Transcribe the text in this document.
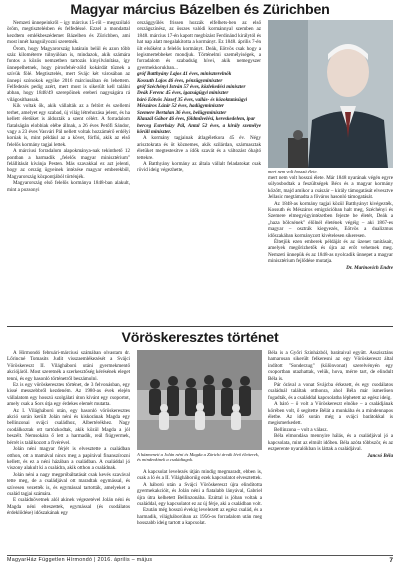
Magyar március Bázelben és Zürichben

Nemzeti ünnepeinkről – így március 15-ről – megszólaló öröm, megtisztelésben és felfedéssé. Ezzel a mondattal kezdtem emlékbeszédemet Bázelben és Zürichben, ami most innét hangsúlyozni szeretnék.

Örom, hogy Magyarország határain belül és azon több száz kilométerre túlnyúlóan is, mindazok, akik számára fontos a közös nemzetben tartozás kinyilvánítása, így ünnepelhetnek, hogy pirosfehér-zöld kokárdát tűznek a szívük fölé. Megtisztelés, mert Svájc két városában az ünnepi szónokok egyike 2016 márciusában én lehettem. Felfedezés pedig azért, mert most is sikerült kell találni abban, hogy 1848/49 szerepőinek ereberi nagyságára rá világosíthassak.

Kik voltak ők, akik vállalták az a feltört és szellemi terhet, amelyet egy szabad, új világ létrehozása jelent, és ha kellett életüket is áldozták a szent célért. A forradalom fiatalságán elobbiak elébe állnak, a 26 éves Petőfi Sándor, vagy a 23 éves Vasvári Pál nellett voltak hozzámérő erdélyi korúak is, mint például az a követ, fórfiú, akik az első felelős kormány tagjai lettek.

A márciusi forradalom alapokmánya-nak tekinthető 12 pontban a harmadik „felelős magyar minisztérium" felállítását kívánja Pesten. Más szavakkal ez azt jelenti, hogy az ország ügyeinek intézése magyar emberekből, Magyarország központjából történjék.

Magyarország első felelős kormánya 1848-ban alakult, mint a pozsonyi

országgyűlés frissen hozzák elfelhets-ben az első országszínész, az összes valódi kormánnyal szemben az 1848. március 17-én kapott megbízást Ferdinánd királytól és hat nap alatt megalakította a kormányt. Ez 1848. április 7-én ült elsőként a felelős kormányt. Deák, Eötvös csak hogy a legismertebbeket mondjuk. Történelmi személyiségek, a forradalom és szabadság hívei, akik nemegyszer gyermekkorukban...

gróf Batthyány Lajos 41 éves, miniszterelnök

Kossuth Lajos 46 éves, pénzügyminiszter

gróf Széchényi István 57 éves, közlekedési miniszter

Deák Ferenc 45 éves, igazságügyi miniszter

báró Eötvös József 35 éves, vallás- és közoktatásügyi

Mészáros Lázár 52 éves, hadügyminiszter

Szemere Bertalan 36 éves, belügyminiszter

Klauzál Gábor 46 éves, földművelési, kereskedelem, ipar

herceg Esterházy Pál, Antal 52 éves, a király személye körüli miniszter.

A kormány tagjainak átlagéletkora 45 év. Négy arisztokrata és öt köznemes, akik szilárdan, szármasztak életüket megtestesítve a ídők szavát és a változást óhajtó tettekre.

A Batthyány kormány az általa vállalt feladatokat csak rövid ideig végezhette,	mert nem volt hosszú élete.

mert nem volt hosszú élete. Már 1848 nyarának végén egyre súlyosbodtak a feszültségek Bécs és a magyar kormány között, majd amikor a császár – király támogatását elvesztve Jellasic megtámadta a főváros hasonló támogatását.

Az 1848-as kormány tagjai közül Batthyányt kivégezték, Kossuth és Mészáros emigrációban halt meg, Széchényi és Szemere elmegyógyintézetben fejezte be életét, Deák a „haza bölcsének" élőlnél életének végéig – aki 1867-es magyar – osztrák kiegyezés, Eötvös a dualizmus időszakában kormányzott kivételesen sikeresen.

Éltetjük ezen emberek példáját és az üzenet tanításait, amelyek megőrizhetők és újra az erőt vehetnek meg. Nemzeti ünnepük és az 1848-as nyolcadik ünnepet a magyar minisztérium fejlődése mutatja.

Dr. Marinovich Endre

Vöröskeresztes történet

A Hirmondó februári-márciusi számában olvastam dr. Lőrincné Tomasits Judit visszaemlékezését a Svájci Vöröskereszt II. Világháború utáni gyermekmentő akciójáról. Most szeretnék a szerkesztőség kérésének eleget tenni, és egy hasonló történetről beszámolni.

Ez is egy vöröskeresztes történet, de 3 felvonásban, egy kissé messzebbről kezdeném. Az 1980-as évek elején vállalatom egy hosszú szolgálati úton kívánt egy csoportot, amely csak a Sors útja egy érdekes elemét mutatta.

Az I. Világháború után, egy hasonló vöröskeresztes akció során került Jolán néni és kiskorának Magda egy bellinzonai svájci családhoz, Albertérékhez. Nagy csodálkoztak ott tartózkodtak, akik közül Magda a jól beszélt. Nemsokára ő lett a harmadik, reál fiúgyermek, bérrét is találkozott a fivérével.

Jolán néni magyar férjét is elvesztette a családban otthon, ott a mamával nincs meg a papírával finanszírozni kellett, és ez a néni házában a családban. A családdal jó viszony alakult ki a családra, akik otthon a családnak.

Jolán néni a nagy megpróbáltatását csak kevés szavával tette meg, de a családjával ott maradtak egymással, és szívesen vezették is, és egymással tartották, amelyeket a család tagjai számára.

E családnövetnek alól akinek végezetével Jolán néni és Magda néni elteszettek, egymással (és csodálatos érdeklődése) időszakának egy

A házmeneti a Jolán néni és Magda a Zürichi árvák lévő életterek, és mindenkinek a családtagok.

A kapcsolat levelezés útján mindig megmaradt, ebben is, csak a ló és a II. Világháborúig ezek kapcsolatot elvesztettek.

A háború után a Svájci Vöröskereszt újra elindította gyermekakcióit, és Jolán néni a fiatalabb lányával, Gabriel újra útra kelhetett Bellinzonába. Ezúttal is jóban voltak a családdal, egy kapcsolatot ez az új férje, aki a családban volt.

Ezután még hosszú évekig levelezett az egész család, és a harmadik, világháborúban az 1956-os forradalom után meg hosszabb ideig tartott a kapcsolat.

Béla is a Győri Színházból, barátaival együtt. Asszisztáns hamarosan sikerült felkeresni az egy Vöröskereszt által indított "Sonderzug" (különvonat) szerelvényén egy csoportban utazhattak, velük, hova, mérre tart, de elindult Béla is.

Pár órával a vonat Svájcba érkezett, és egy csodálatos családnál találtak otthonra, ahol Béla már ismerősen fogadták, és a családdal kapcsolatba léphetett az egész ideig.

A báró – ő volt a Vöröskereszt elnöke – a családjának körében volt, ő segítette Bélát a munkába és a mindennapos életbe. Az idő során még a svájci barátokkal is megismerkedett.

Bellinzona – volt a válasz.

Béla elmondása mennyire hálás, és a családjával jó a kapcsolata, mint az elmúlt időben. Béla azóta többször, és az eszperente nyaralókban is láttak a családjával.

Jancsó Béla

MagyarHáz Független Hírmondó | 2016. április – május	7
